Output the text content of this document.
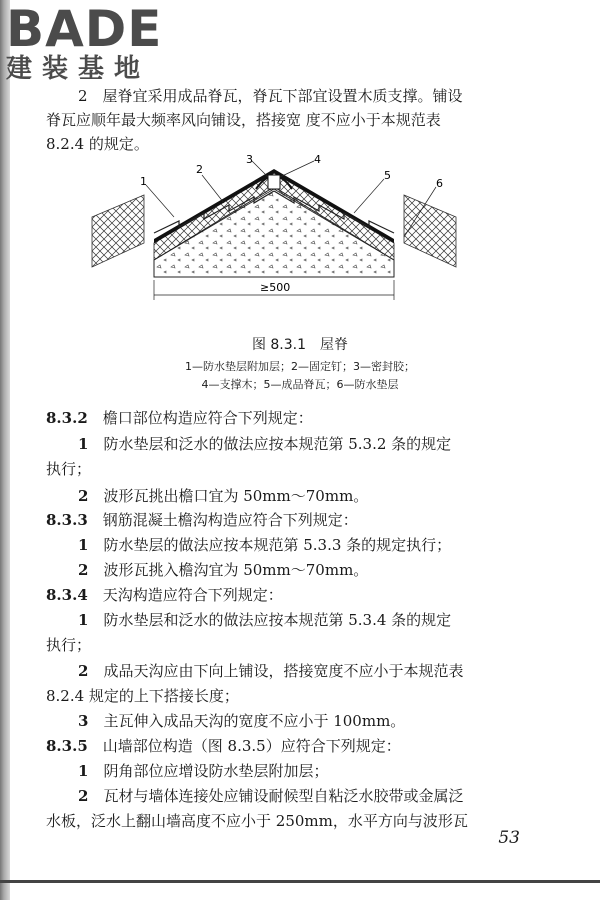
BADE
建装基地
2　屋脊宜采用成品脊瓦，脊瓦下部宜设置木质支撑。铺设
脊瓦应顺年最大频率风向铺设，搭接宽 度不应小于本规范表
8.2.4 的规定。
1
2
3	4
5
6
≥500
图 8.3.1　屋脊
1—防水垫层附加层；2—固定钉；3—密封胶；
4—支撑木；5—成品脊瓦；6—防水垫层
8.3.2　 檐口部位构造应符合下列规定：
1　 防水垫层和泛水的做法应按本规范第 5.3.2 条的规定
执行；
2　 波形瓦挑出檐口宜为 50mm～70mm。
8.3.3　 钢筋混凝土檐沟构造应符合下列规定：
1　 防水垫层的做法应按本规范第 5.3.3 条的规定执行；
2　 波形瓦挑入檐沟宜为 50mm～70mm。
8.3.4　 天沟构造应符合下列规定：
1　 防水垫层和泛水的做法应按本规范第 5.3.4 条的规定
执行；
2　 成品天沟应由下向上铺设，搭接宽度不应小于本规范表
8.2.4 规定的上下搭接长度；
3　 主瓦伸入成品天沟的宽度不应小于 100mm。
8.3.5　 山墙部位构造（图 8.3.5）应符合下列规定：
1　 阴角部位应增设防水垫层附加层；
2　 瓦材与墙体连接处应铺设耐候型自粘泛水胶带或金属泛
水板，泛水上翻山墙高度不应小于 250mm，水平方向与波形瓦
53
